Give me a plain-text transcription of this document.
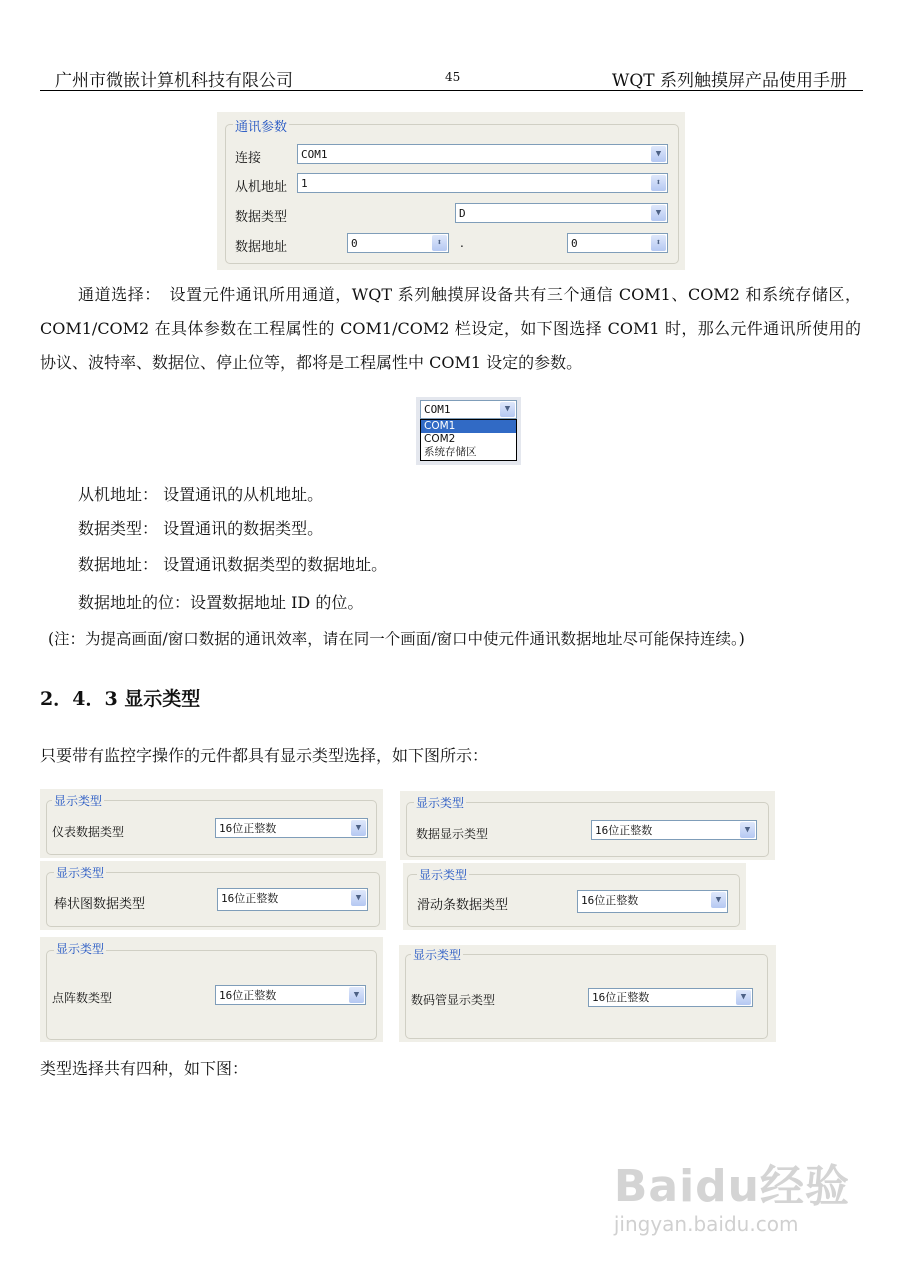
广州市微嵌计算机科技有限公司	45	WQT 系列触摸屏产品使用手册
通讯参数
连接	COM1	▼
从机地址	1	⬍
数据类型	D	▼
数据地址	0	⬍	.	0	⬍
通道选择：　设置元件通讯所用通道，WQT 系列触摸屏设备共有三个通信 COM1、COM2 和系统存储区，COM1/COM2 在具体参数在工程属性的 COM1/COM2 栏设定，如下图选择 COM1 时，那么元件通讯所使用的协议、波特率、数据位、停止位等，都将是工程属性中 COM1 设定的参数。
COM1	▼
COM1
COM2
系统存储区
从机地址： 设置通讯的从机地址。
数据类型： 设置通讯的数据类型。
数据地址： 设置通讯数据类型的数据地址。
数据地址的位：设置数据地址 ID 的位。
(注：为提高画面/窗口数据的通讯效率，请在同一个画面/窗口中使元件通讯数据地址尽可能保持连续。)
2．4．3 显示类型
只要带有监控字操作的元件都具有显示类型选择，如下图所示：
显示类型
仪表数据类型	16位正整数	▼
显示类型
数据显示类型	16位正整数	▼
显示类型
棒状图数据类型	16位正整数	▼
显示类型
滑动条数据类型	16位正整数	▼
显示类型
点阵数类型	16位正整数	▼
显示类型
数码管显示类型	16位正整数	▼
类型选择共有四种，如下图：
Baidu经验
jingyan.baidu.com
